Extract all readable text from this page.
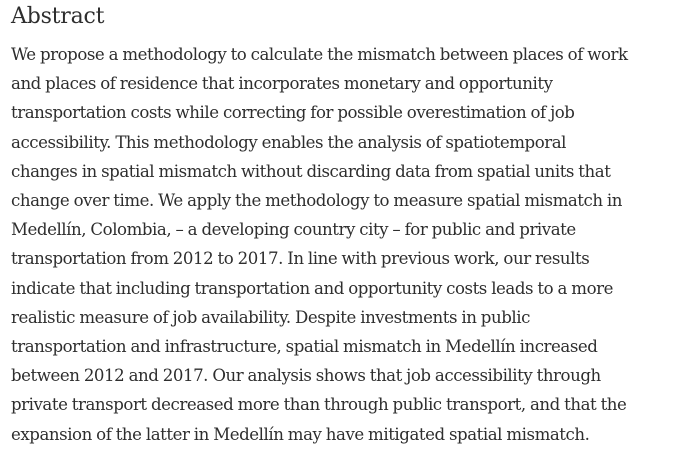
Abstract

We propose a methodology to calculate the mismatch between places of work
and places of residence that incorporates monetary and opportunity
transportation costs while correcting for possible overestimation of job
accessibility. This methodology enables the analysis of spatiotemporal
changes in spatial mismatch without discarding data from spatial units that
change over time. We apply the methodology to measure spatial mismatch in
Medellín, Colombia, – a developing country city – for public and private
transportation from 2012 to 2017. In line with previous work, our results
indicate that including transportation and opportunity costs leads to a more
realistic measure of job availability. Despite investments in public
transportation and infrastructure, spatial mismatch in Medellín increased
between 2012 and 2017. Our analysis shows that job accessibility through
private transport decreased more than through public transport, and that the
expansion of the latter in Medellín may have mitigated spatial mismatch.
